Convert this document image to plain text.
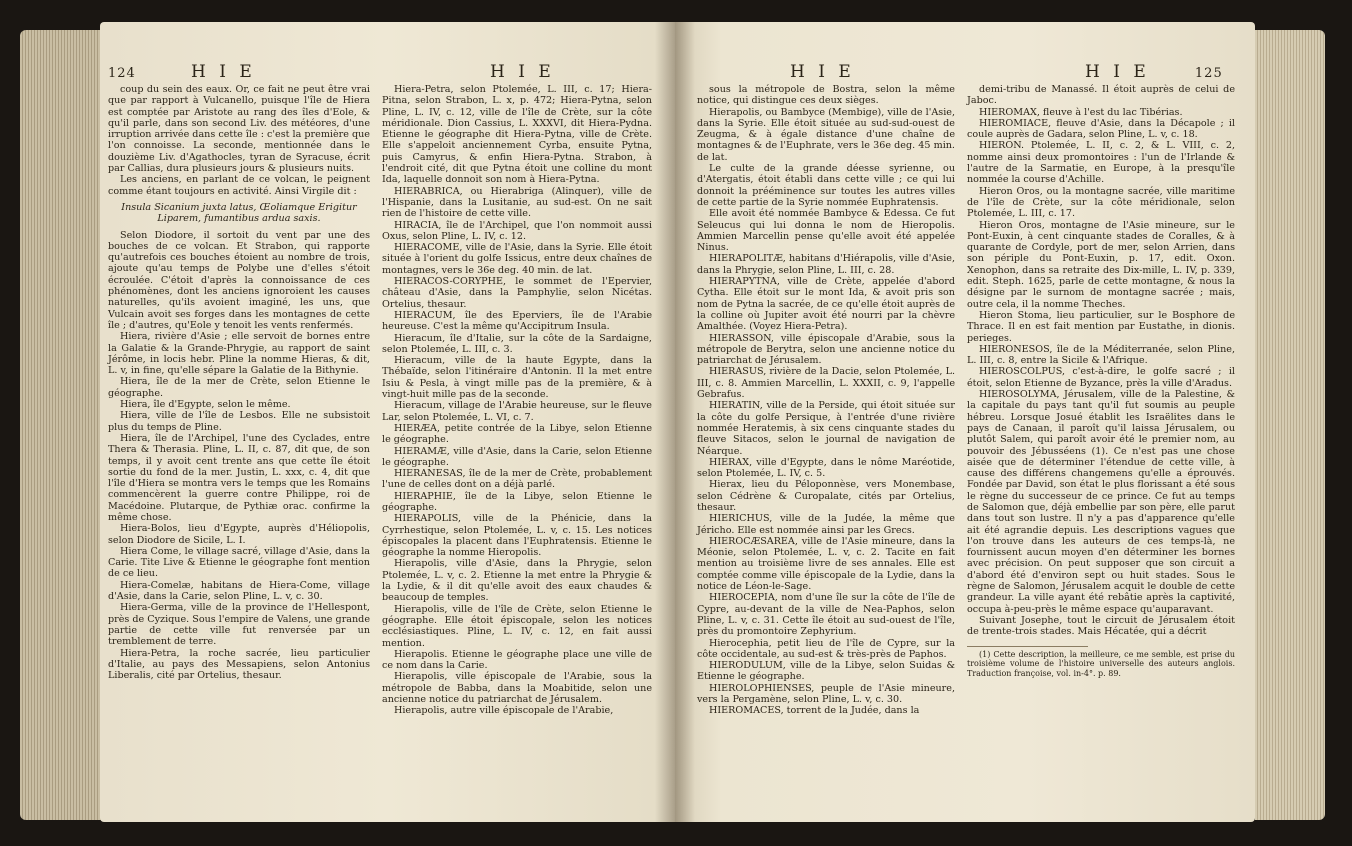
124	H I E	H I E

coup du sein des eaux. Or, ce fait ne peut être vrai que par rapport à Vulcanello, puisque l'île de Hiera est comptée par Aristote au rang des îles d'Eole, & qu'il parle, dans son second Liv. des météores, d'une irruption arrivée dans cette île : c'est la première que l'on connoisse. La seconde, mentionnée dans le douzième Liv. d'Agathocles, tyran de Syracuse, écrit par Callias, dura plusieurs jours & plusieurs nuits.

Les anciens, en parlant de ce volcan, le peignent comme étant toujours en activité. Ainsi Virgile dit :

Insula Sicanium juxta latus, Œoliamque Erigitur Liparem, fumantibus ardua saxis.

Selon Diodore, il sortoit du vent par une des bouches de ce volcan. Et Strabon, qui rapporte qu'autrefois ces bouches étoient au nombre de trois, ajoute qu'au temps de Polybe une d'elles s'étoit écroulée. C'étoit d'après la connoissance de ces phénomènes, dont les anciens ignoroient les causes naturelles, qu'ils avoient imaginé, les uns, que Vulcain avoit ses forges dans les montagnes de cette île ; d'autres, qu'Eole y tenoit les vents renfermés.

Hiera, rivière d'Asie ; elle servoit de bornes entre la Galatie & la Grande-Phrygie, au rapport de saint Jérôme, in locis hebr. Pline la nomme Hieras, & dit, L. v, in fine, qu'elle sépare la Galatie de la Bithynie.

Hiera, île de la mer de Crète, selon Etienne le géographe.

Hiera, île d'Egypte, selon le même.

Hiera, ville de l'île de Lesbos. Elle ne subsistoit plus du temps de Pline.

Hiera, île de l'Archipel, l'une des Cyclades, entre Thera & Therasia. Pline, L. II, c. 87, dit que, de son temps, il y avoit cent trente ans que cette île étoit sortie du fond de la mer. Justin, L. xxx, c. 4, dit que l'île d'Hiera se montra vers le temps que les Romains commencèrent la guerre contre Philippe, roi de Macédoine. Plutarque, de Pythiæ orac. confirme la même chose.

Hiera-Bolos, lieu d'Egypte, auprès d'Héliopolis, selon Diodore de Sicile, L. I.

Hiera Come, le village sacré, village d'Asie, dans la Carie. Tite Live & Etienne le géographe font mention de ce lieu.

Hiera-Comelæ, habitans de Hiera-Come, village d'Asie, dans la Carie, selon Pline, L. v, c. 30.

Hiera-Germa, ville de la province de l'Hellespont, près de Cyzique. Sous l'empire de Valens, une grande partie de cette ville fut renversée par un tremblement de terre.

Hiera-Petra, la roche sacrée, lieu particulier d'Italie, au pays des Messapiens, selon Antonius Liberalis, cité par Ortelius, thesaur.

Hiera-Petra, selon Ptolemée, L. III, c. 17; Hiera-Pitna, selon Strabon, L. x, p. 472; Hiera-Pytna, selon Pline, L. IV, c. 12, ville de l'île de Crète, sur la côte méridionale. Dion Cassius, L. XXXVI, dit Hiera-Pydna. Etienne le géographe dit Hiera-Pytna, ville de Crète. Elle s'appeloit anciennement Cyrba, ensuite Pytna, puis Camyrus, & enfin Hiera-Pytna. Strabon, à l'endroit cité, dit que Pytna étoit une colline du mont Ida, laquelle donnoit son nom à Hiera-Pytna.

HIERABRICA, ou Hierabriga (Alinquer), ville de l'Hispanie, dans la Lusitanie, au sud-est. On ne sait rien de l'histoire de cette ville.

HIRACIA, île de l'Archipel, que l'on nommoit aussi Oxus, selon Pline, L. IV, c. 12.

HIERACOME, ville de l'Asie, dans la Syrie. Elle étoit située à l'orient du golfe Issicus, entre deux chaînes de montagnes, vers le 36e deg. 40 min. de lat.

HIERACOS-CORYPHE, le sommet de l'Epervier, château d'Asie, dans la Pamphylie, selon Nicétas. Ortelius, thesaur.

HIERACUM, île des Eperviers, île de l'Arabie heureuse. C'est la même qu'Accipitrum Insula.

Hieracum, île d'Italie, sur la côte de la Sardaigne, selon Ptolemée, L. III, c. 3.

Hieracum, ville de la haute Egypte, dans la Thébaïde, selon l'itinéraire d'Antonin. Il la met entre Isiu & Pesla, à vingt mille pas de la première, & à vingt-huit mille pas de la seconde.

Hieracum, village de l'Arabie heureuse, sur le fleuve Lar, selon Ptolemée, L. VI, c. 7.

HIERÆA, petite contrée de la Libye, selon Etienne le géographe.

HIERAMÆ, ville d'Asie, dans la Carie, selon Etienne le géographe.

HIERANESAS, île de la mer de Crète, probablement l'une de celles dont on a déjà parlé.

HIERAPHIE, île de la Libye, selon Etienne le géographe.

HIERAPOLIS, ville de la Phénicie, dans la Cyrrhestique, selon Ptolemée, L. v, c. 15. Les notices épiscopales la placent dans l'Euphratensis. Etienne le géographe la nomme Hieropolis.

Hierapolis, ville d'Asie, dans la Phrygie, selon Ptolemée, L. v, c. 2. Etienne la met entre la Phrygie & la Lydie, & il dit qu'elle avoit des eaux chaudes & beaucoup de temples.

Hierapolis, ville de l'île de Crète, selon Etienne le géographe. Elle étoit épiscopale, selon les notices ecclésiastiques. Pline, L. IV, c. 12, en fait aussi mention.

Hierapolis. Etienne le géographe place une ville de ce nom dans la Carie.

Hierapolis, ville épiscopale de l'Arabie, sous la métropole de Babba, dans la Moabitide, selon une ancienne notice du patriarchat de Jérusalem.

Hierapolis, autre ville épiscopale de l'Arabie,

H I E	H I E	125

sous la métropole de Bostra, selon la même notice, qui distingue ces deux sièges.

Hierapolis, ou Bambyce (Membige), ville de l'Asie, dans la Syrie. Elle étoit située au sud-sud-ouest de Zeugma, & à égale distance d'une chaîne de montagnes & de l'Euphrate, vers le 36e deg. 45 min. de lat.

Le culte de la grande déesse syrienne, ou d'Atergatis, étoit établi dans cette ville ; ce qui lui donnoit la prééminence sur toutes les autres villes de cette partie de la Syrie nommée Euphratensis.

Elle avoit été nommée Bambyce & Edessa. Ce fut Seleucus qui lui donna le nom de Hieropolis. Ammien Marcellin pense qu'elle avoit été appelée Ninus.

HIERAPOLITÆ, habitans d'Hiérapolis, ville d'Asie, dans la Phrygie, selon Pline, L. III, c. 28.

HIERAPYTNA, ville de Crète, appelée d'abord Cytha. Elle étoit sur le mont Ida, & avoit pris son nom de Pytna la sacrée, de ce qu'elle étoit auprès de la colline où Jupiter avoit été nourri par la chèvre Amalthée. (Voyez Hiera-Petra).

HIERASSON, ville épiscopale d'Arabie, sous la métropole de Berytra, selon une ancienne notice du patriarchat de Jérusalem.

HIERASUS, rivière de la Dacie, selon Ptolemée, L. III, c. 8. Ammien Marcellin, L. XXXII, c. 9, l'appelle Gebrafus.

HIERATIN, ville de la Perside, qui étoit située sur la côte du golfe Persique, à l'entrée d'une rivière nommée Heratemis, à six cens cinquante stades du fleuve Sitacos, selon le journal de navigation de Néarque.

HIERAX, ville d'Egypte, dans le nôme Maréotide, selon Ptolemée, L. IV, c. 5.

Hierax, lieu du Péloponnèse, vers Monembase, selon Cédrène & Curopalate, cités par Ortelius, thesaur.

HIERICHUS, ville de la Judée, la même que Jéricho. Elle est nommée ainsi par les Grecs.

HIEROCÆSAREA, ville de l'Asie mineure, dans la Méonie, selon Ptolemée, L. v, c. 2. Tacite en fait mention au troisième livre de ses annales. Elle est comptée comme ville épiscopale de la Lydie, dans la notice de Léon-le-Sage.

HIEROCEPIA, nom d'une île sur la côte de l'île de Cypre, au-devant de la ville de Nea-Paphos, selon Pline, L. v, c. 31. Cette île étoit au sud-ouest de l'île, près du promontoire Zephyrium.

Hierocephia, petit lieu de l'île de Cypre, sur la côte occidentale, au sud-est & très-près de Paphos.

HIERODULUM, ville de la Libye, selon Suidas & Etienne le géographe.

HIEROLOPHIENSES, peuple de l'Asie mineure, vers la Pergamène, selon Pline, L. v, c. 30.

HIEROMACES, torrent de la Judée, dans la

demi-tribu de Manassé. Il étoit auprès de celui de Jaboc.

HIEROMAX, fleuve à l'est du lac Tibérias.

HIEROMIACE, fleuve d'Asie, dans la Décapole ; il coule auprès de Gadara, selon Pline, L. v, c. 18.

HIERON. Ptolemée, L. II, c. 2, & L. VIII, c. 2, nomme ainsi deux promontoires : l'un de l'Irlande & l'autre de la Sarmatie, en Europe, à la presqu'île nommée la course d'Achille.

Hieron Oros, ou la montagne sacrée, ville maritime de l'île de Crète, sur la côte méridionale, selon Ptolemée, L. III, c. 17.

Hieron Oros, montagne de l'Asie mineure, sur le Pont-Euxin, à cent cinquante stades de Coralles, & à quarante de Cordyle, port de mer, selon Arrien, dans son périple du Pont-Euxin, p. 17, edit. Oxon. Xenophon, dans sa retraite des Dix-mille, L. IV, p. 339, edit. Steph. 1625, parle de cette montagne, & nous la désigne par le surnom de montagne sacrée ; mais, outre cela, il la nomme Theches.

Hieron Stoma, lieu particulier, sur le Bosphore de Thrace. Il en est fait mention par Eustathe, in dionis. perieges.

HIERONESOS, île de la Méditerranée, selon Pline, L. III, c. 8, entre la Sicile & l'Afrique.

HIEROSCOLPUS, c'est-à-dire, le golfe sacré ; il étoit, selon Etienne de Byzance, près la ville d'Aradus.

HIEROSOLYMA, Jérusalem, ville de la Palestine, & la capitale du pays tant qu'il fut soumis au peuple hébreu. Lorsque Josué établit les Israëlites dans le pays de Canaan, il paroît qu'il laissa Jérusalem, ou plutôt Salem, qui paroît avoir été le premier nom, au pouvoir des Jébusséens (1). Ce n'est pas une chose aisée que de déterminer l'étendue de cette ville, à cause des différens changemens qu'elle a éprouvés. Fondée par David, son état le plus florissant a été sous le règne du successeur de ce prince. Ce fut au temps de Salomon que, déjà embellie par son père, elle parut dans tout son lustre. Il n'y a pas d'apparence qu'elle ait été agrandie depuis. Les descriptions vagues que l'on trouve dans les auteurs de ces temps-là, ne fournissent aucun moyen d'en déterminer les bornes avec précision. On peut supposer que son circuit a d'abord été d'environ sept ou huit stades. Sous le règne de Salomon, Jérusalem acquit le double de cette grandeur. La ville ayant été rebâtie après la captivité, occupa à-peu-près le même espace qu'auparavant.

Suivant Josephe, tout le circuit de Jérusalem étoit de trente-trois stades. Mais Hécatée, qui a décrit

(1) Cette description, la meilleure, ce me semble, est prise du troisième volume de l'histoire universelle des auteurs anglois. Traduction françoise, vol. in-4°. p. 89.
